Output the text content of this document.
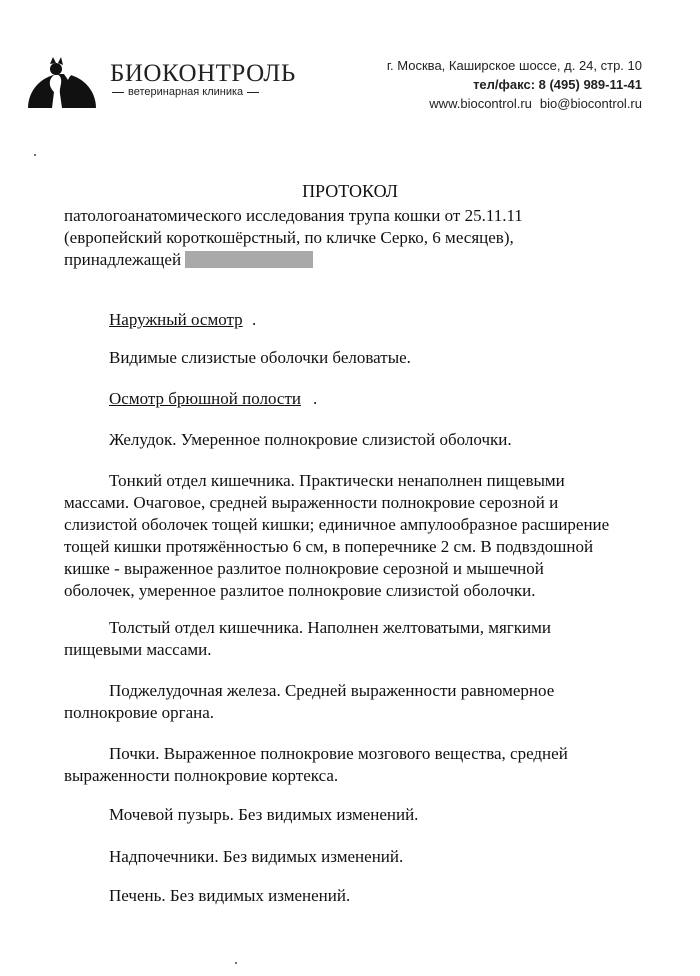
БИОКОНТРОЛЬ
ветеринарная клиника
г. Москва, Каширское шоссе, д. 24, стр. 10
тел/факс: 8 (495) 989-11-41
www.biocontrol.ru bio@biocontrol.ru
ПРОТОКОЛ
патологоанатомического исследования трупа кошки от 25.11.11
(европейский короткошёрстный, по кличке Серко, 6 месяцев),
принадлежащей
Наружный осмотр .
Видимые слизистые оболочки беловатые.
Осмотр брюшной полости .
Желудок. Умеренное полнокровие слизистой оболочки.
Тонкий отдел кишечника. Практически ненаполнен пищевыми
массами. Очаговое, средней выраженности полнокровие серозной и
слизистой оболочек тощей кишки; единичное ампулообразное расширение
тощей кишки протяжённостью 6 см, в поперечнике 2 см. В подвздошной
кишке - выраженное разлитое полнокровие серозной и мышечной
оболочек, умеренное разлитое полнокровие слизистой оболочки.
Толстый отдел кишечника. Наполнен желтоватыми, мягкими
пищевыми массами.
Поджелудочная железа. Средней выраженности равномерное
полнокровие органа.
Почки. Выраженное полнокровие мозгового вещества, средней
выраженности полнокровие кортекса.
Мочевой пузырь. Без видимых изменений.
Надпочечники. Без видимых изменений.
Печень. Без видимых изменений.
